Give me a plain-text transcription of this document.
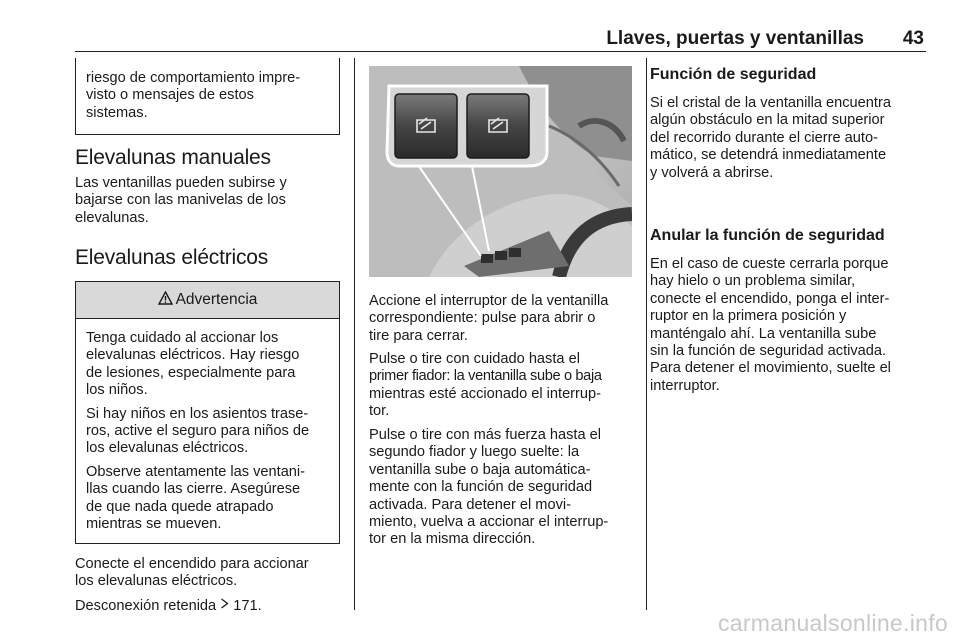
Llaves, puertas y ventanillas 43
riesgo de comportamiento impre-
visto o mensajes de estos
sistemas.
Elevalunas manuales
Las ventanillas pueden subirse y
bajarse con las manivelas de los
elevalunas.
Elevalunas eléctricos
Advertencia
Tenga cuidado al accionar los
elevalunas eléctricos. Hay riesgo
de lesiones, especialmente para
los niños.
Si hay niños en los asientos trase-
ros, active el seguro para niños de
los elevalunas eléctricos.
Observe atentamente las ventani-
llas cuando las cierre. Asegúrese
de que nada quede atrapado
mientras se mueven.
Conecte el encendido para accionar
los elevalunas eléctricos.
Desconexión retenida 171.
Accione el interruptor de la ventanilla
correspondiente: pulse para abrir o
tire para cerrar.
Pulse o tire con cuidado hasta el
primer fiador: la ventanilla sube o baja
mientras esté accionado el interrup-
tor.
Pulse o tire con más fuerza hasta el
segundo fiador y luego suelte: la
ventanilla sube o baja automática-
mente con la función de seguridad
activada. Para detener el movi-
miento, vuelva a accionar el interrup-
tor en la misma dirección.
Función de seguridad
Si el cristal de la ventanilla encuentra
algún obstáculo en la mitad superior
del recorrido durante el cierre auto-
mático, se detendrá inmediatamente
y volverá a abrirse.
Anular la función de seguridad
En el caso de cueste cerrarla porque
hay hielo o un problema similar,
conecte el encendido, ponga el inter-
ruptor en la primera posición y
manténgalo ahí. La ventanilla sube
sin la función de seguridad activada.
Para detener el movimiento, suelte el
interruptor.
carmanualsonline.info
